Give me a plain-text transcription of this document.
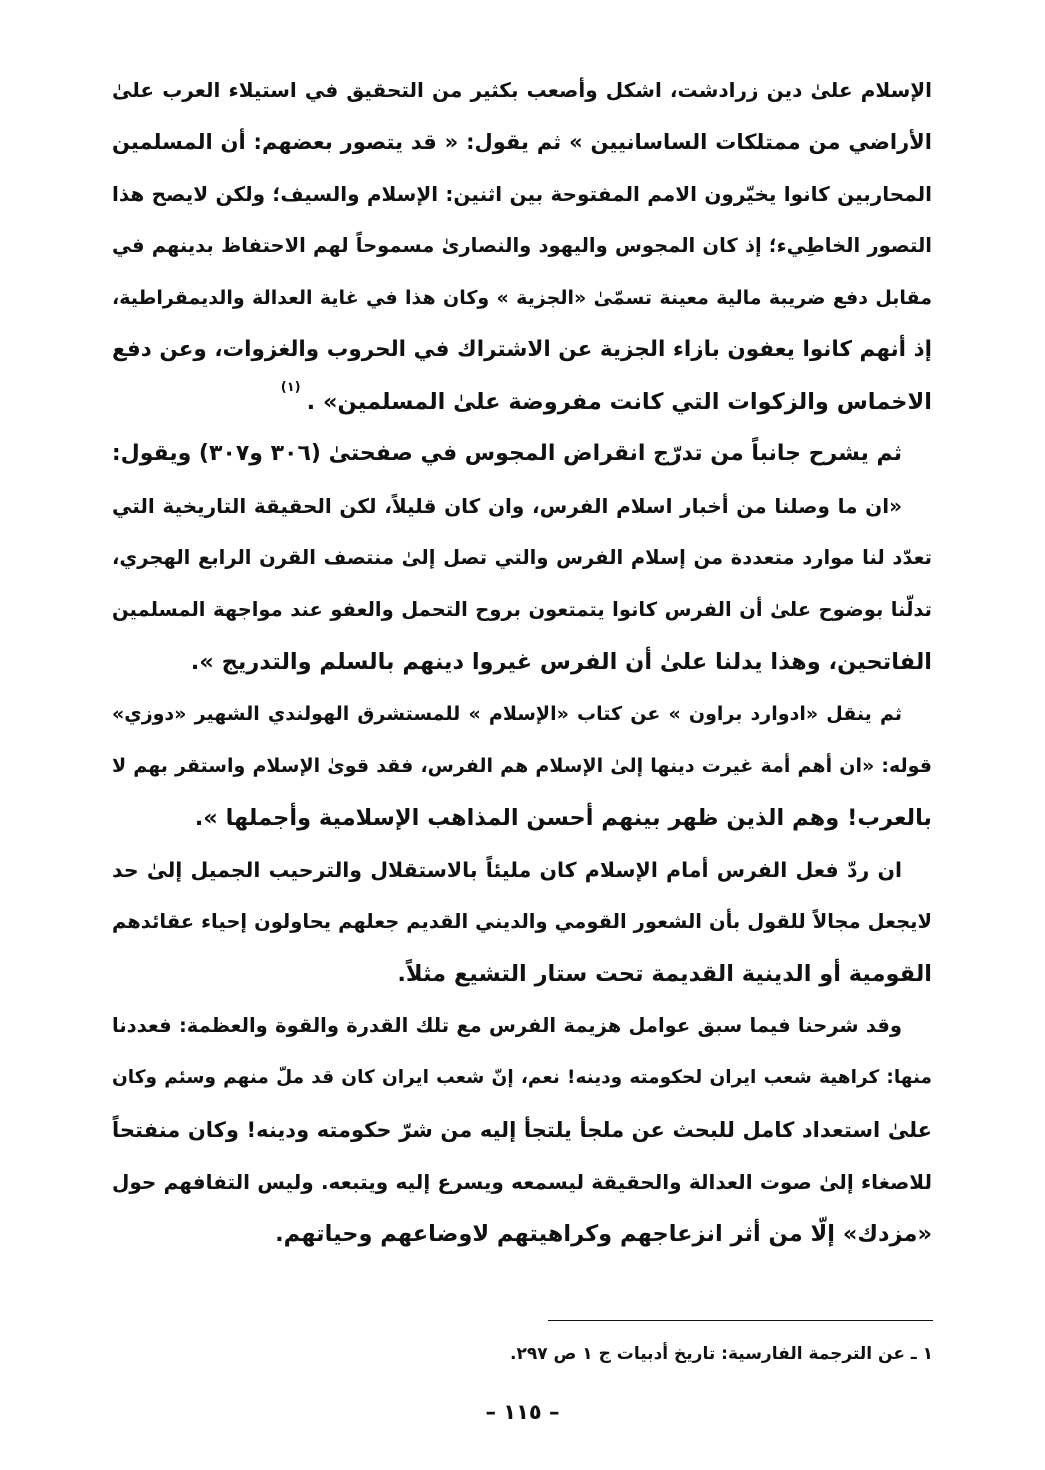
الإسلام علىٰ دين زرادشت، اشكل وأصعب بكثير من التحقيق في استيلاء العرب علىٰ
الأراضي من ممتلكات الساسانيين » ثم يقول: « قد يتصور بعضهم: أن المسلمين
المحاربين كانوا يخيّرون الامم المفتوحة بين اثنين: الإسلام والسيف؛ ولكن لايصح هذا
التصور الخاطِيء؛ إذ كان المجوس واليهود والنصارىٰ مسموحاً لهم الاحتفاظ بدينهم في
مقابل دفع ضريبة مالية معينة تسمّىٰ «الجزية » وكان هذا في غاية العدالة والديمقراطية،
إذ أنهم كانوا يعفون بازاء الجزية عن الاشتراك في الحروب والغزوات، وعن دفع
الاخماس والزكوات التي كانت مفروضة علىٰ المسلمين» .$^{(١)}$
ثم يشرح جانباً من تدرّج انقراض المجوس في صفحتىٰ (٣٠٦ و٣٠٧) ويقول:
«ان ما وصلنا من أخبار اسلام الفرس، وان كان قليلاً، لكن الحقيقة التاريخية التي
تعدّد لنا موارد متعددة من إسلام الفرس والتي تصل إلىٰ منتصف القرن الرابع الهجري،
تدلّنا بوضوح علىٰ أن الفرس كانوا يتمتعون بروح التحمل والعفو عند مواجهة المسلمين
الفاتحين، وهذا يدلنا علىٰ أن الفرس غيروا دينهم بالسلم والتدريج ».
ثم ينقل «ادوارد براون » عن كتاب «الإسلام » للمستشرق الهولندي الشهير «دوزي»
قوله: «ان أهم أمة غيرت دينها إلىٰ الإسلام هم الفرس، فقد قوىٰ الإسلام واستقر بهم لا
بالعرب! وهم الذين ظهر بينهم أحسن المذاهب الإسلامية وأجملها ».
ان ردّ فعل الفرس أمام الإسلام كان مليئاً بالاستقلال والترحيب الجميل إلىٰ حد
لايجعل مجالاً للقول بأن الشعور القومي والديني القديم جعلهم يحاولون إحياء عقائدهم
القومية أو الدينية القديمة تحت ستار التشيع مثلاً.
وقد شرحنا فيما سبق عوامل هزيمة الفرس مع تلك القدرة والقوة والعظمة: فعددنا
منها: كراهية شعب ايران لحكومته ودينه! نعم، إنّ شعب ايران كان قد ملّ منهم وسئم وكان
علىٰ استعداد كامل للبحث عن ملجأ يلتجأ إليه من شرّ حكومته ودينه! وكان منفتحاً
للاصغاء إلىٰ صوت العدالة والحقيقة ليسمعه ويسرع إليه ويتبعه. وليس التفافهم حول
«مزدك» إلّا من أثر انزعاجهم وكراهيتهم لاوضاعهم وحياتهم.
١ ـ عن الترجمة الفارسية: تاريخ أدبيات ج ١ ص ٢٩٧.
– ١١٥ –
